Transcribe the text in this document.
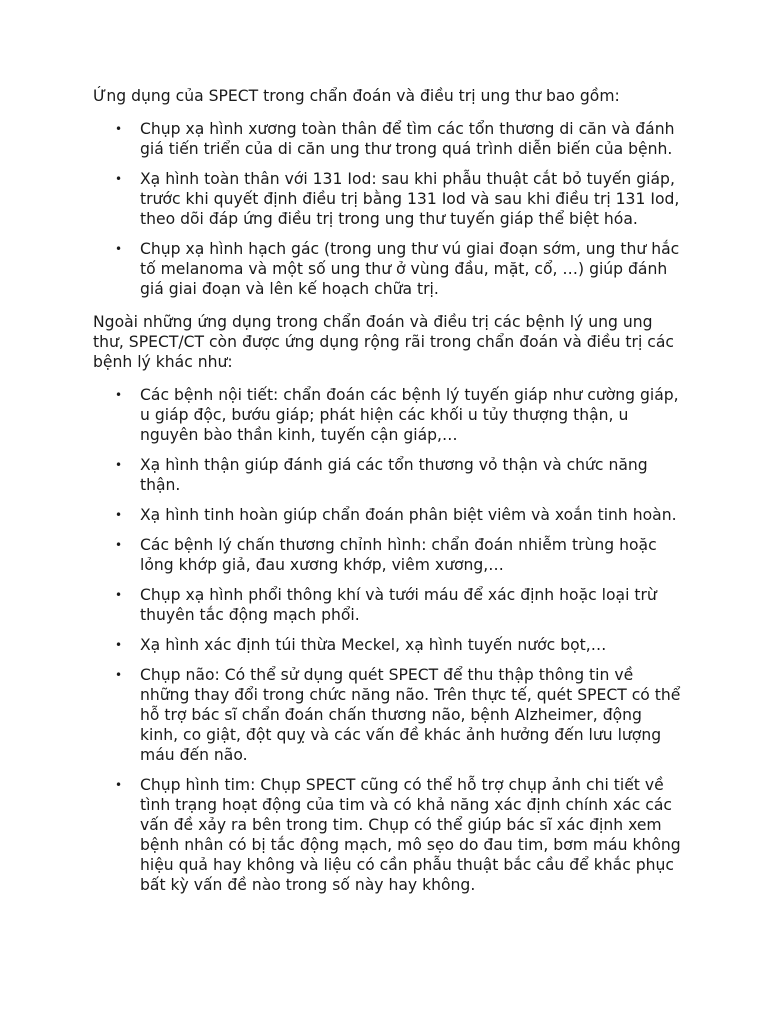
Ứng dụng của SPECT trong chẩn đoán và điều trị ung thư bao gồm:

• Chụp xạ hình xương toàn thân để tìm các tổn thương di căn và đánh giá tiến triển của di căn ung thư trong quá trình diễn biến của bệnh.
• Xạ hình toàn thân với 131 Iod: sau khi phẫu thuật cắt bỏ tuyến giáp, trước khi quyết định điều trị bằng 131 Iod và sau khi điều trị 131 Iod, theo dõi đáp ứng điều trị trong ung thư tuyến giáp thể biệt hóa.
• Chụp xạ hình hạch gác (trong ung thư vú giai đoạn sớm, ung thư hắc tố melanoma và một số ung thư ở vùng đầu, mặt, cổ, …) giúp đánh giá giai đoạn và lên kế hoạch chữa trị.

Ngoài những ứng dụng trong chẩn đoán và điều trị các bệnh lý ung ung thư, SPECT/CT còn được ứng dụng rộng rãi trong chẩn đoán và điều trị các bệnh lý khác như:

• Các bệnh nội tiết: chẩn đoán các bệnh lý tuyến giáp như cường giáp, u giáp độc, bướu giáp; phát hiện các khối u tủy thượng thận, u nguyên bào thần kinh, tuyến cận giáp,…
• Xạ hình thận giúp đánh giá các tổn thương vỏ thận và chức năng thận.
• Xạ hình tinh hoàn giúp chẩn đoán phân biệt viêm và xoắn tinh hoàn.
• Các bệnh lý chấn thương chỉnh hình: chẩn đoán nhiễm trùng hoặc lỏng khớp giả, đau xương khớp, viêm xương,…
• Chụp xạ hình phổi thông khí và tưới máu để xác định hoặc loại trừ thuyên tắc động mạch phổi.
• Xạ hình xác định túi thừa Meckel, xạ hình tuyến nước bọt,…
• Chụp não: Có thể sử dụng quét SPECT để thu thập thông tin về những thay đổi trong chức năng não. Trên thực tế, quét SPECT có thể hỗ trợ bác sĩ chẩn đoán chấn thương não, bệnh Alzheimer, động kinh, co giật, đột quỵ và các vấn đề khác ảnh hưởng đến lưu lượng máu đến não.
• Chụp hình tim: Chụp SPECT cũng có thể hỗ trợ chụp ảnh chi tiết về tình trạng hoạt động của tim và có khả năng xác định chính xác các vấn đề xảy ra bên trong tim. Chụp có thể giúp bác sĩ xác định xem bệnh nhân có bị tắc động mạch, mô sẹo do đau tim, bơm máu không hiệu quả hay không và liệu có cần phẫu thuật bắc cầu để khắc phục bất kỳ vấn đề nào trong số này hay không.
